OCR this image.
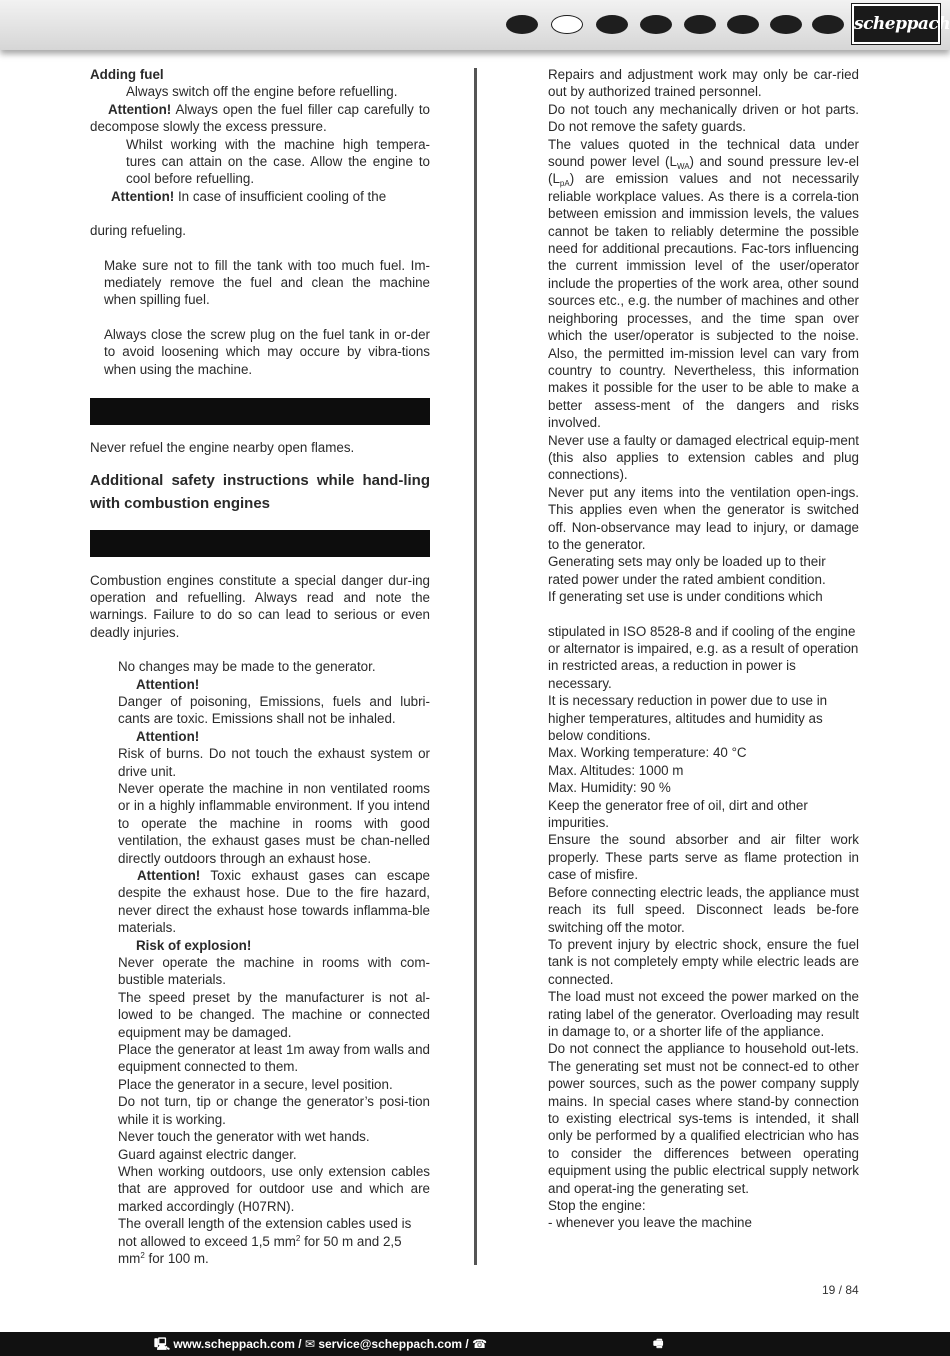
scheppach

Adding fuel

Always switch off the engine before refuelling.

Attention! Always open the fuel filler cap carefully to decompose slowly the excess pressure.

Whilst working with the machine high tempera-tures can attain on the case. Allow the engine to cool before refuelling.

Attention! In case of insufficient cooling of the

during refueling.

Make sure not to fill the tank with too much fuel. Im-mediately remove the fuel and clean the machine when spilling fuel.

Always close the screw plug on the fuel tank in or-der to avoid loosening which may occure by vibra-tions when using the machine.

Never refuel the engine nearby open flames.

Additional safety instructions while hand-ling with combustion engines

Combustion engines constitute a special danger dur-ing operation and refuelling. Always read and note the warnings. Failure to do so can lead to serious or even deadly injuries.

No changes may be made to the generator.

Attention!

Danger of poisoning, Emissions, fuels and lubri-cants are toxic. Emissions shall not be inhaled.

Attention!

Risk of burns. Do not touch the exhaust system or drive unit.

Never operate the machine in non ventilated rooms or in a highly inflammable environment. If you intend to operate the machine in rooms with good ventilation, the exhaust gases must be chan-nelled directly outdoors through an exhaust hose.

Attention! Toxic exhaust gases can escape despite the exhaust hose. Due to the fire hazard, never direct the exhaust hose towards inflamma-ble materials.

Risk of explosion!

Never operate the machine in rooms with com-bustible materials.

The speed preset by the manufacturer is not al-lowed to be changed. The machine or connected equipment may be damaged.

Place the generator at least 1m away from walls and equipment connected to them.

Place the generator in a secure, level position.

Do not turn, tip or change the generator’s posi-tion while it is working.

Never touch the generator with wet hands.

Guard against electric danger.

When working outdoors, use only extension cables that are approved for outdoor use and which are marked accordingly (H07RN).

The overall length of the extension cables used is not allowed to exceed 1,5 $mm^2$ for 50 m and 2,5 $mm^2$ for 100 m.

Repairs and adjustment work may only be car-ried out by authorized trained personnel.

Do not touch any mechanically driven or hot parts. Do not remove the safety guards.

The values quoted in the technical data under sound power level $(L_{WA})$ and sound pressure lev-el $(L_{pA})$ are emission values and not necessarily reliable workplace values. As there is a correla-tion between emission and immission levels, the values cannot be taken to reliably determine the possible need for additional precautions. Fac-tors influencing the current immission level of the user/operator include the properties of the work area, other sound sources etc., e.g. the number of machines and other neighboring processes, and the time span over which the user/operator is subjected to the noise. Also, the permitted im-mission level can vary from country to country. Nevertheless, this information makes it possible for the user to be able to make a better assess-ment of the dangers and risks involved.

Never use a faulty or damaged electrical equip-ment (this also applies to extension cables and plug connections).

Never put any items into the ventilation open-ings. This applies even when the generator is switched off. Non-observance may lead to injury, or damage to the generator.

Generating sets may only be loaded up to their rated power under the rated ambient condition.

If generating set use is under conditions which

stipulated in ISO 8528-8 and if cooling of the engine or alternator is impaired, e.g. as a result of operation in restricted areas, a reduction in power is necessary.

It is necessary reduction in power due to use in higher temperatures, altitudes and humidity as below conditions.

Max. Working temperature: 40 °C

Max. Altitudes: 1000 m

Max. Humidity: 90 %

Keep the generator free of oil, dirt and other impurities.

Ensure the sound absorber and air filter work properly. These parts serve as flame protection in case of misfire.

Before connecting electric leads, the appliance must reach its full speed. Disconnect leads be-fore switching off the motor.

To prevent injury by electric shock, ensure the fuel tank is not completely empty while electric leads are connected.

The load must not exceed the power marked on the rating label of the generator. Overloading may result in damage to, or a shorter life of the appliance.

Do not connect the appliance to household out-lets. The generating set must not be connect-ed to other power sources, such as the power company supply mains. In special cases where stand-by connection to existing electrical sys-tems is intended, it shall only be performed by a qualified electrician who has to consider the differences between operating equipment using the public electrical supply network and operat-ing the generating set.

Stop the engine:

- whenever you leave the machine

19 / 84
🖳 www.scheppach.com / ✉ service@scheppach.com / ☎	🖷
